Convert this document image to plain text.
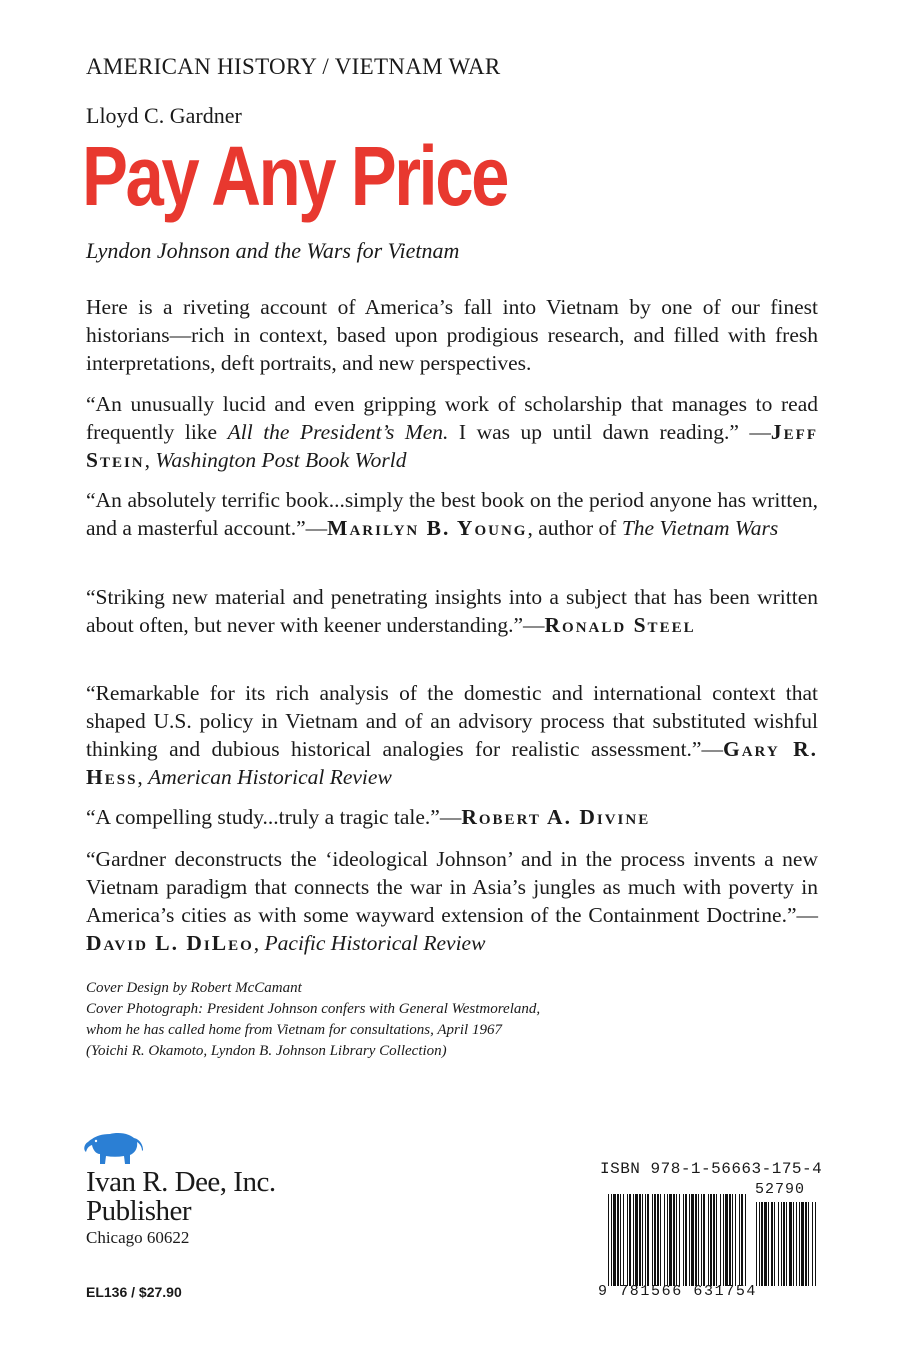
AMERICAN HISTORY / VIETNAM WAR
Lloyd C. Gardner
Pay Any Price
Lyndon Johnson and the Wars for Vietnam
Here is a riveting account of America’s fall into Vietnam by one of our finest historians—rich in context, based upon prodigious research, and filled with fresh interpretations, deft portraits, and new perspectives.
“An unusually lucid and even gripping work of scholarship that manages to read frequently like All the President’s Men. I was up until dawn reading.” —Jeff Stein, Washington Post Book World
“An absolutely terrific book...simply the best book on the period anyone has written, and a masterful account.”—Marilyn B. Young, author of The Vietnam Wars
“Striking new material and penetrating insights into a subject that has been written about often, but never with keener understanding.”—Ronald Steel
“Remarkable for its rich analysis of the domestic and international context that shaped U.S. policy in Vietnam and of an advisory process that substituted wishful thinking and dubious historical analogies for realistic assessment.”—Gary R. Hess, American Historical Review
“A compelling study...truly a tragic tale.”—Robert A. Divine
“Gardner deconstructs the ‘ideological Johnson’ and in the process invents a new Vietnam paradigm that connects the war in Asia’s jungles as much with poverty in America’s cities as with some wayward extension of the Containment Doctrine.”—David L. DiLeo, Pacific Historical Review
Cover Design by Robert McCamant
Cover Photograph: President Johnson confers with General Westmoreland,
whom he has called home from Vietnam for consultations, April 1967
(Yoichi R. Okamoto, Lyndon B. Johnson Library Collection)
Ivan R. Dee, Inc.
Publisher
Chicago 60622
EL136 / $27.90
ISBN 978-1-56663-175-4
52790
9 781566 631754
